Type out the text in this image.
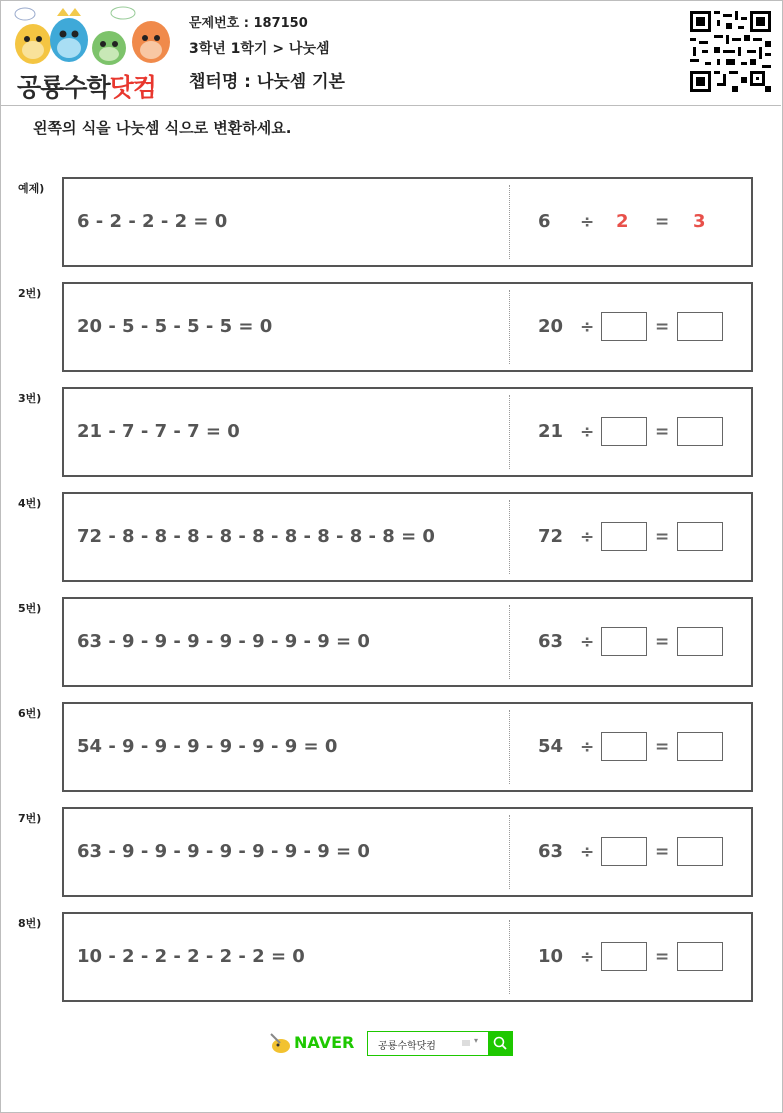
공룡수학닷컴
문제번호 : 187150
3학년 1학기 > 나눗셈
챕터명 : 나눗셈 기본
왼쪽의 식을 나눗셈 식으로 변환하세요.
예제)
6 - 2 - 2 - 2 = 0	6 ÷ 2 = 3
2번)
20 - 5 - 5 - 5 - 5 = 0	20 ÷	=
3번)
21 - 7 - 7 - 7 = 0	21 ÷	=
4번)
72 - 8 - 8 - 8 - 8 - 8 - 8 - 8 - 8 - 8 = 0	72 ÷	=
5번)
63 - 9 - 9 - 9 - 9 - 9 - 9 - 9 = 0	63 ÷	=
6번)
54 - 9 - 9 - 9 - 9 - 9 - 9 = 0	54 ÷	=
7번)
63 - 9 - 9 - 9 - 9 - 9 - 9 - 9 = 0	63 ÷	=
8번)
10 - 2 - 2 - 2 - 2 - 2 = 0	10 ÷	=
NAVER 공룡수학닷컴
▾
